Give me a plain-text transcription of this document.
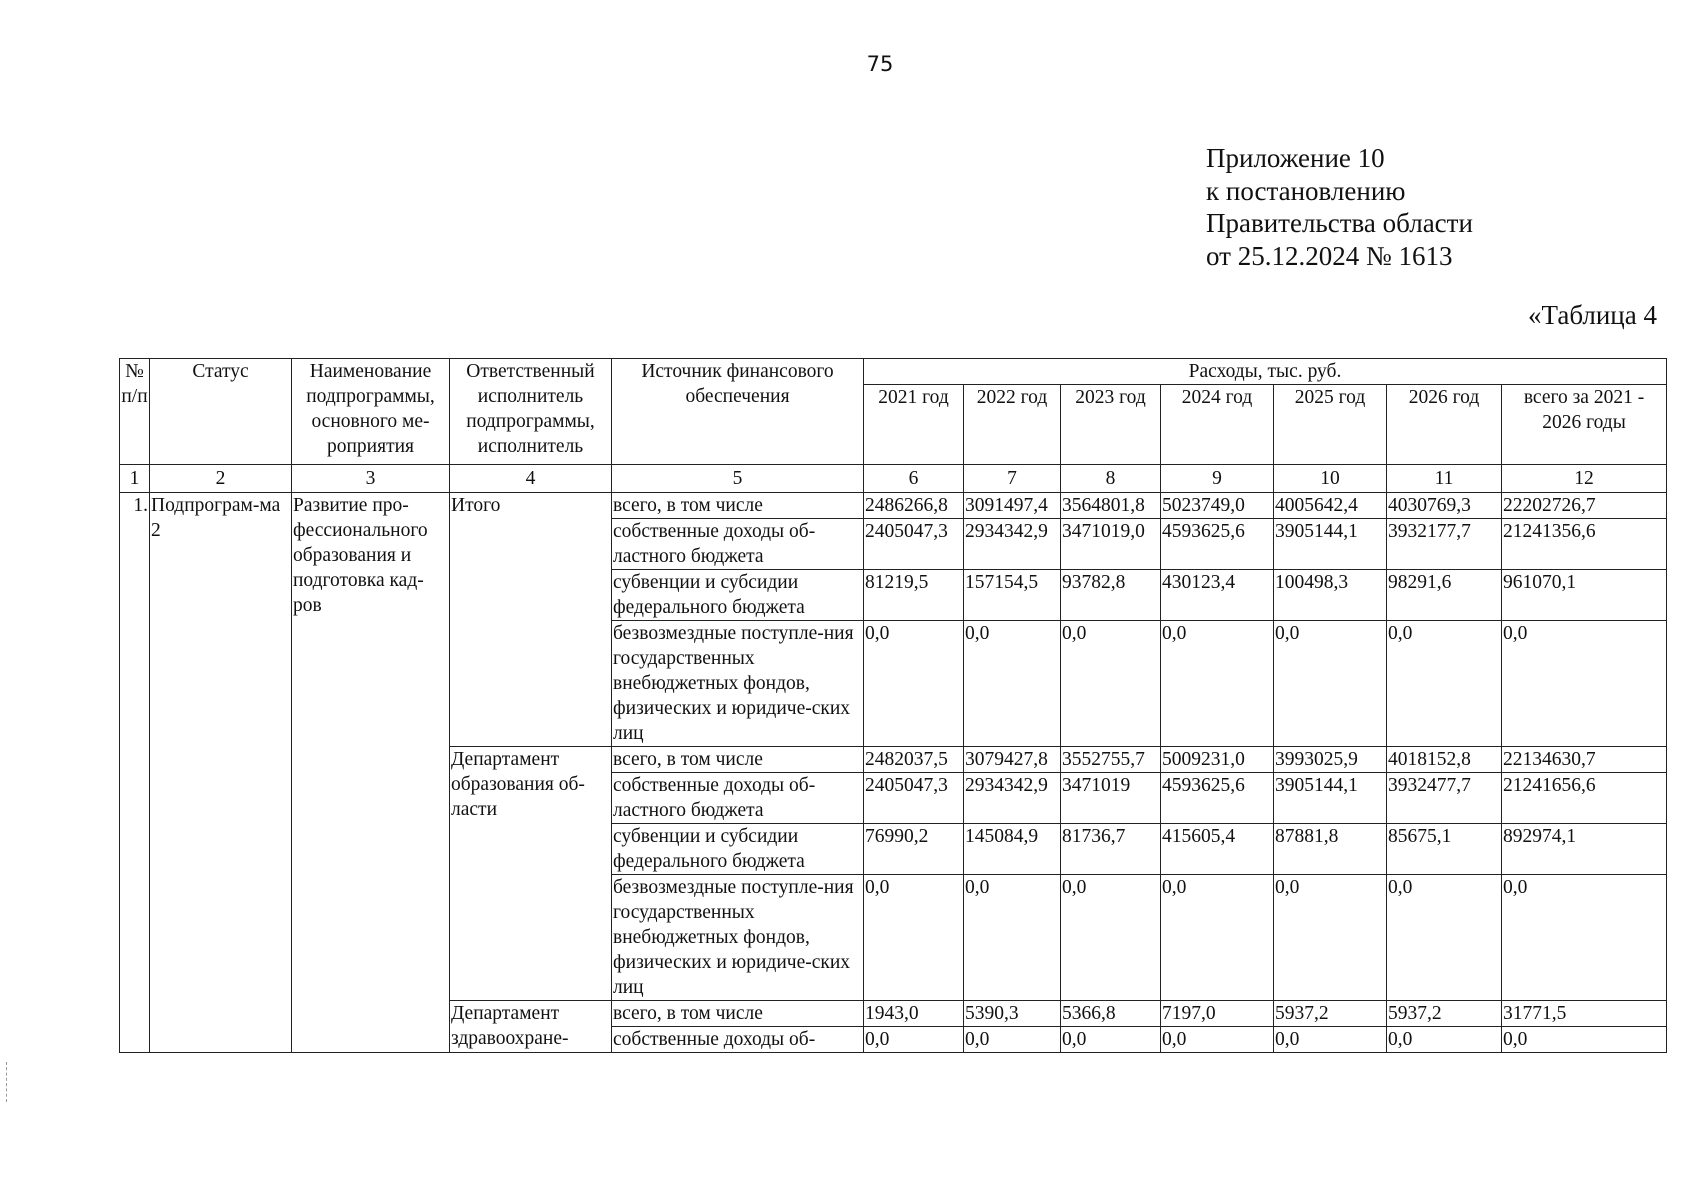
75
Приложение 10
к постановлению
Правительства области
от 25.12.2024 № 1613
«Таблица 4
№ п/п	Статус	Наименование подпрограммы, основного ме-роприятия	Ответственный исполнитель подпрограммы, исполнитель	Источник финансового обеспечения	Расходы, тыс. руб.						
					2021 год	2022 год	2023 год	2024 год	2025 год	2026 год	всего за 2021 - 2026 годы
1	2	3	4	5	6	7	8	9	10	11	12
1.	Подпрограм-ма 2	Развитие про-фессионального образования и подготовка кад-ров	Итого	всего, в том числе	2486266,8	3091497,4	3564801,8	5023749,0	4005642,4	4030769,3	22202726,7
				собственные доходы об-ластного бюджета	2405047,3	2934342,9	3471019,0	4593625,6	3905144,1	3932177,7	21241356,6
				субвенции и субсидии федерального бюджета	81219,5	157154,5	93782,8	430123,4	100498,3	98291,6	961070,1
				безвозмездные поступле-ния государственных внебюджетных фондов, физических и юридиче-ских лиц	0,0	0,0	0,0	0,0	0,0	0,0	0,0
			Департамент образования об-ласти	всего, в том числе	2482037,5	3079427,8	3552755,7	5009231,0	3993025,9	4018152,8	22134630,7
				собственные доходы об-ластного бюджета	2405047,3	2934342,9	3471019	4593625,6	3905144,1	3932477,7	21241656,6
				субвенции и субсидии федерального бюджета	76990,2	145084,9	81736,7	415605,4	87881,8	85675,1	892974,1
				безвозмездные поступле-ния государственных внебюджетных фондов, физических и юридиче-ских лиц	0,0	0,0	0,0	0,0	0,0	0,0	0,0
			Департамент здравоохране-	всего, в том числе	1943,0	5390,3	5366,8	7197,0	5937,2	5937,2	31771,5
				собственные доходы об-	0,0	0,0	0,0	0,0	0,0	0,0	0,0
